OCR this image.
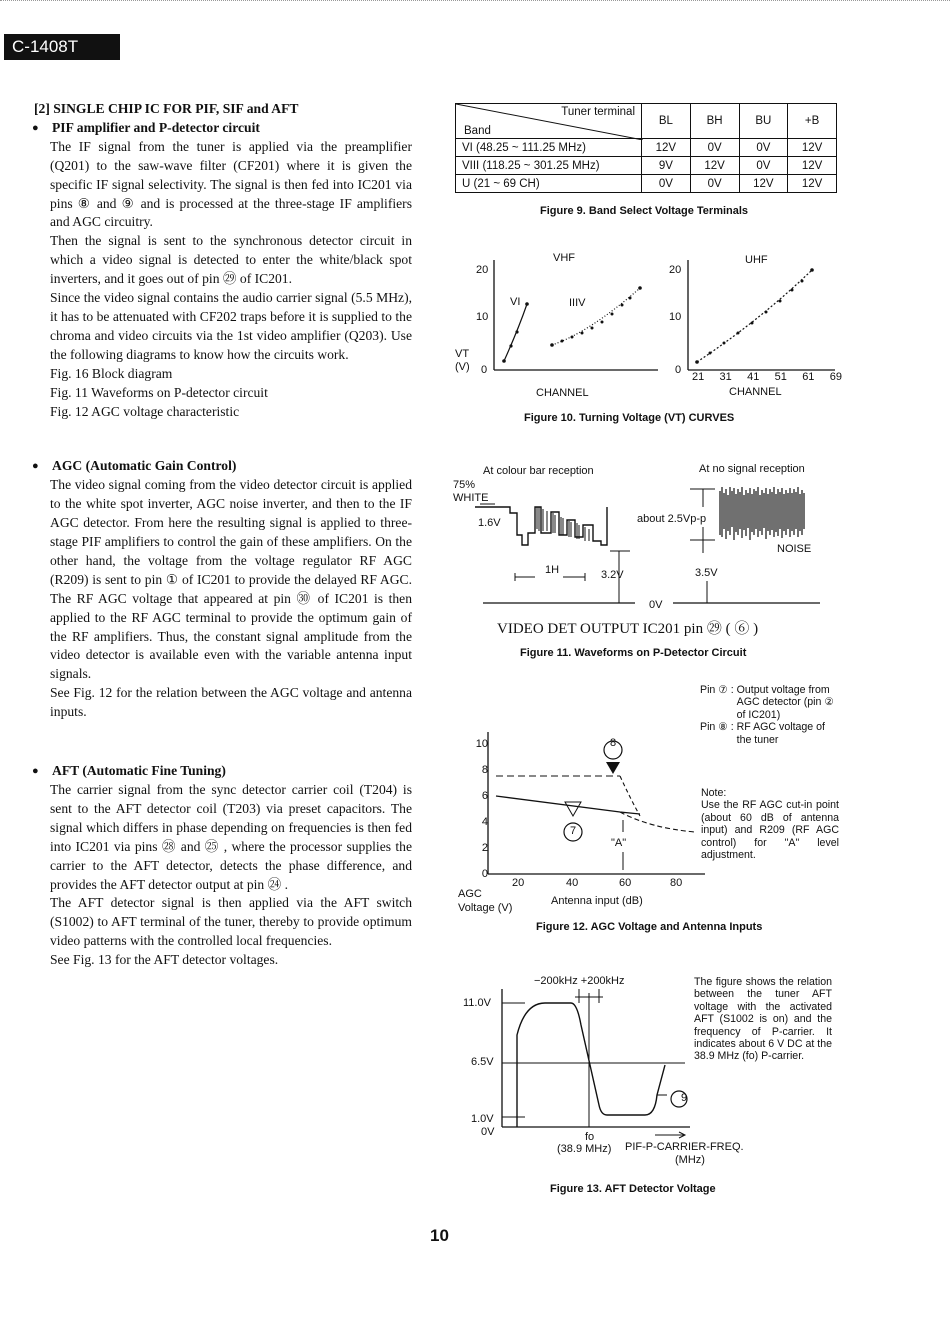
C-1408T

[2] SINGLE CHIP IC FOR PIF, SIF and AFT

● PIF amplifier and P-detector circuit

The IF signal from the tuner is applied via the preamplifier (Q201) to the saw-wave filter (CF201) where it is given the specific IF signal selectivity. The signal is then fed into IC201 via pins ⑧ and ⑨ and is processed at the three-stage IF amplifiers and AGC circuitry.

Then the signal is sent to the synchronous detector circuit in which a video signal is detected to enter the white/black spot inverters, and it goes out of pin ㉙ of IC201.

Since the video signal contains the audio carrier signal (5.5 MHz), it has to be attenuated with CF202 traps before it is supplied to the chroma and video circuits via the 1st video amplifier (Q203). Use the following diagrams to know how the circuits work.

Fig. 16 Block diagram

Fig. 11 Waveforms on P-detector circuit

Fig. 12 AGC voltage characteristic

● AGC (Automatic Gain Control)

The video signal coming from the video detector circuit is applied to the white spot inverter, AGC noise inverter, and then to the IF AGC detector. From here the resulting signal is applied to three-stage PIF amplifiers to control the gain of these amplifiers. On the other hand, the voltage from the voltage regulator RF AGC (R209) is sent to pin ① of IC201 to provide the delayed RF AGC. The RF AGC voltage that appeared at pin ㉚ of IC201 is then applied to the RF AGC terminal to provide the optimum gain of the RF amplifiers. Thus, the constant signal amplitude from the video detector is available even with the variable antenna input signals.

See Fig. 12 for the relation between the AGC voltage and antenna inputs.

● AFT (Automatic Fine Tuning)

The carrier signal from the sync detector carrier coil (T204) is sent to the AFT detector coil (T203) via preset capacitors. The signal which differs in phase depending on frequencies is then fed into IC201 via pins ㉘ and ㉕ , where the processor supplies the carrier to the AFT detector, detects the phase difference, and provides the AFT detector output at pin ㉔ .

The AFT detector signal is then applied via the AFT switch (S1002) to AFT terminal of the tuner, thereby to provide optimum video patterns with the controlled local frequencies.

See Fig. 13 for the AFT detector voltages.

Tuner terminal
Band	BL	BH	BU	+B
VI (48.25 ~ 111.25 MHz)	12V	0V	0V	12V
VIII (118.25 ~ 301.25 MHz)	9V	12V	0V	12V
U (21 ~ 69 CH)	0V	0V	12V	12V
Figure 9. Band Select Voltage Terminals
20
10
0
VT
(V)
VHF
VI	IIIV
CHANNEL
20
10
0
UHF
21 31 41 51 61 69
CHANNEL
Figure 10. Turning Voltage (VT) CURVES
At colour bar reception	At no signal reception
75%
WHITE
1.6V
1H	3.2V
about 2.5Vp-p
NOISE
3.5V
0V
VIDEO DET OUTPUT IC201 pin ㉙ ( ⑥ )
Figure 11. Waveforms on P-Detector Circuit
8
7
"A"
10
8
6
4
2
0
20	40	60	80
AGC
Voltage (V)
Antenna input (dB)
Pin ⑦ : Output voltage from AGC detector (pin ② of IC201)
Pin ⑧ : RF AGC voltage of the tuner
Note:
Use the RF AGC cut-in point (about 60 dB of antenna input) and R209 (RF AGC control) for "A" level adjustment.
Figure 12. AGC Voltage and Antenna Inputs
−200kHz +200kHz
9
11.0V
6.5V
1.0V
0V	fo
(38.9 MHz) PIF-P-CARRIER-FREQ.
(MHz)
The figure shows the relation between the tuner AFT voltage with the activated AFT (S1002 is on) and the frequency of P-carrier. It indicates about 6 V DC at the 38.9 MHz (fo) P-carrier.
Figure 13. AFT Detector Voltage
10
